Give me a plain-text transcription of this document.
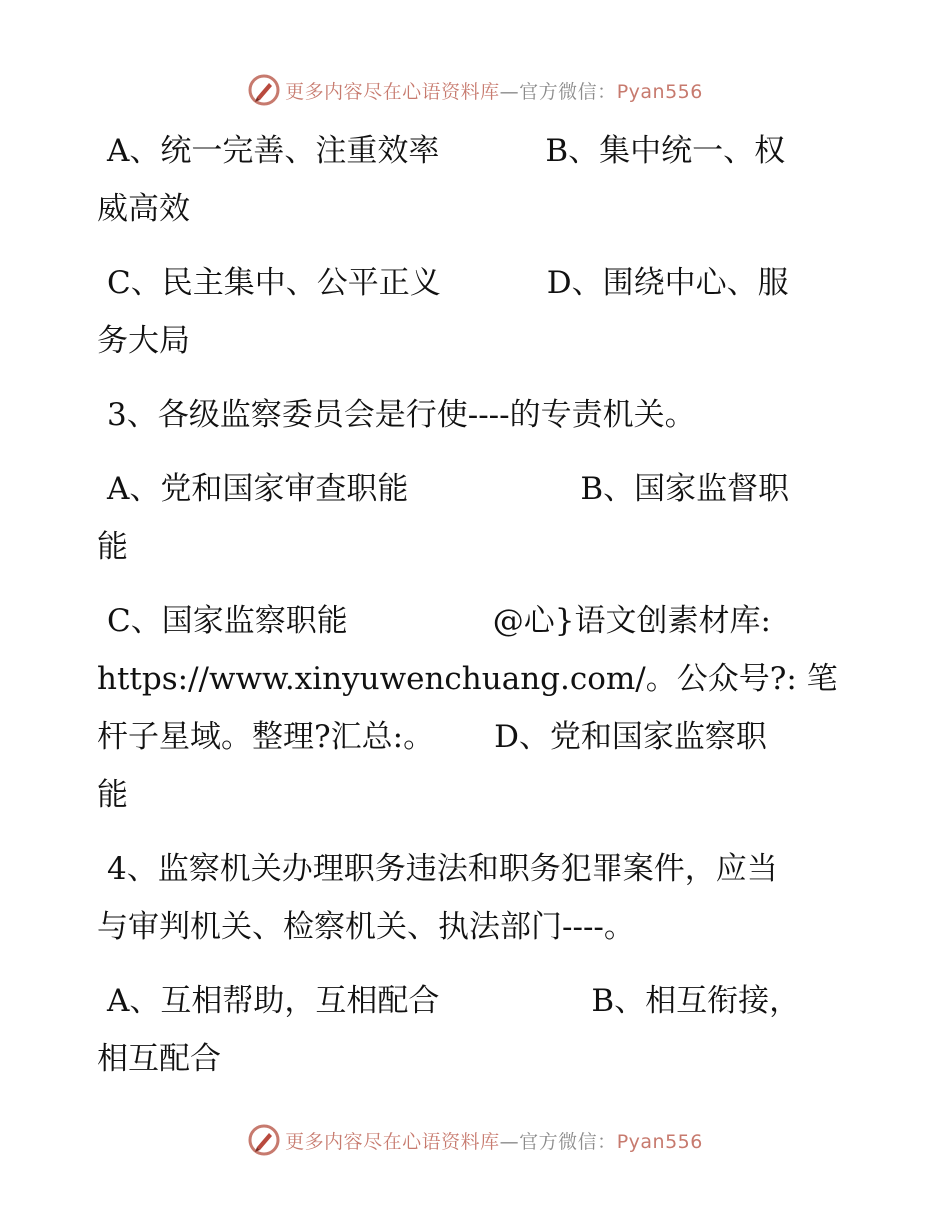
更多内容尽在心语资料库—官方微信：Pyan556

A、统一完善、注重效率	B、集中统一、权
威高效

C、民主集中、公平正义	D、围绕中心、服
务大局

3、各级监察委员会是行使----的专责机关。

A、党和国家审查职能	B、国家监督职
能

C、国家监察职能	@心}语文创素材库:
https://www.xinyuwenchuang.com/。公众号?: 笔
杆子星域。整理?汇总:。 D、党和国家监察职
能

4、监察机关办理职务违法和职务犯罪案件，应当
与审判机关、检察机关、执法部门----。

A、互相帮助，互相配合	B、相互衔接，
相互配合

更多内容尽在心语资料库—官方微信：Pyan556
